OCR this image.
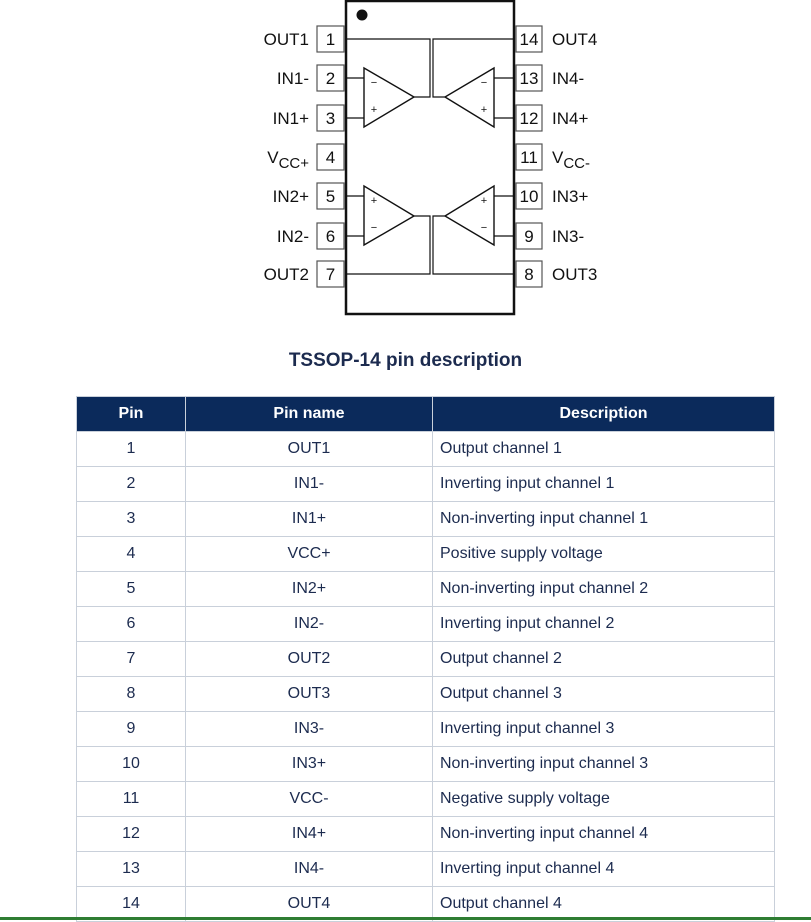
1
OUT1
2
IN1-
3
IN1+
4
VCC+
5
IN2+
6
IN2-
7
OUT2
14 OUT4
13 IN4-
12 IN4+
11 VCC-
10 IN3+
9 IN3-
8 OUT3
−
+
+
−
−
+
+
−
TSSOP-14 pin description
Pin	Pin name	Description
1	OUT1	Output channel 1
2	IN1-	Inverting input channel 1
3	IN1+	Non-inverting input channel 1
4	VCC+	Positive supply voltage
5	IN2+	Non-inverting input channel 2
6	IN2-	Inverting input channel 2
7	OUT2	Output channel 2
8	OUT3	Output channel 3
9	IN3-	Inverting input channel 3
10	IN3+	Non-inverting input channel 3
11	VCC-	Negative supply voltage
12	IN4+	Non-inverting input channel 4
13	IN4-	Inverting input channel 4
14	OUT4	Output channel 4
